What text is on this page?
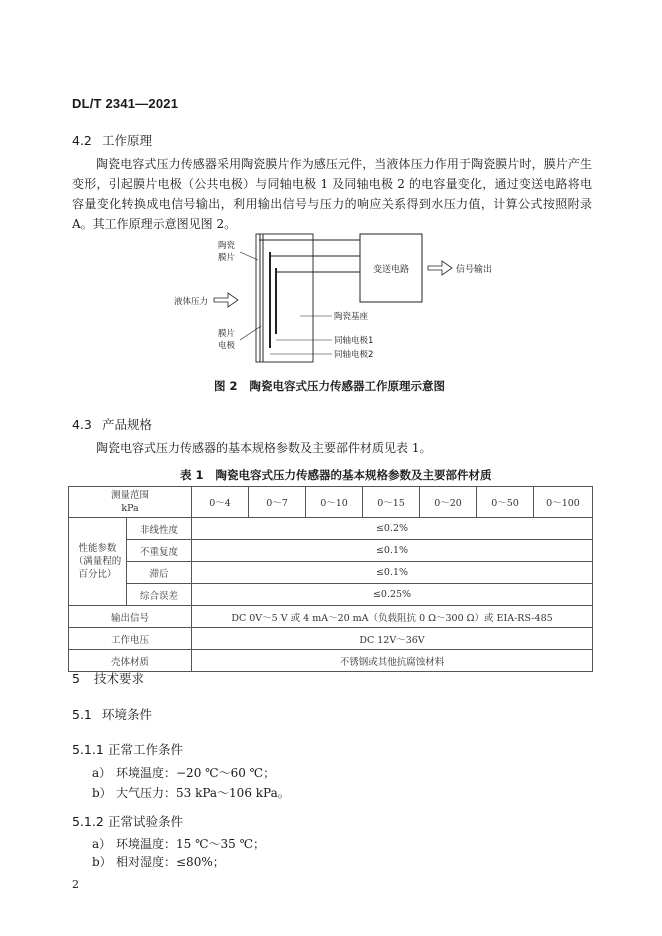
DL/T 2341—2021
4.2 工作原理
陶瓷电容式压力传感器采用陶瓷膜片作为感压元件，当液体压力作用于陶瓷膜片时，膜片产生变形，引起膜片电极（公共电极）与同轴电极 1 及同轴电极 2 的电容量变化，通过变送电路将电容量变化转换成电信号输出，利用输出信号与压力的响应关系得到水压力值，计算公式按照附录 A。其工作原理示意图见图 2。
变送电路	信号输出
液体压力
陶瓷
膜片
膜片
电极
陶瓷基座
同轴电极1
同轴电极2
图 2 陶瓷电容式压力传感器工作原理示意图
4.3 产品规格
陶瓷电容式压力传感器的基本规格参数及主要部件材质见表 1。
表 1 陶瓷电容式压力传感器的基本规格参数及主要部件材质
测量范围
kPa		0～4	0～7	0～10	0～15	0～20	0～50	0～100
性能参数
（满量程的
百分比）	非线性度	≤0.2%						
	不重复度	≤0.1%						
	滞后	≤0.1%						
	综合误差	≤0.25%						
输出信号		DC 0V～5 V 或 4 mA～20 mA（负载阻抗 0 Ω～300 Ω）或 EIA-RS-485						
工作电压		DC 12V～36V						
壳体材质		不锈钢或其他抗腐蚀材料						
5 技术要求
5.1 环境条件
5.1.1 正常工作条件
a） 环境温度：−20 ℃～60 ℃；
b） 大气压力：53 kPa～106 kPa。
5.1.2 正常试验条件
a） 环境温度：15 ℃～35 ℃；
b） 相对湿度：≤80%；
2
